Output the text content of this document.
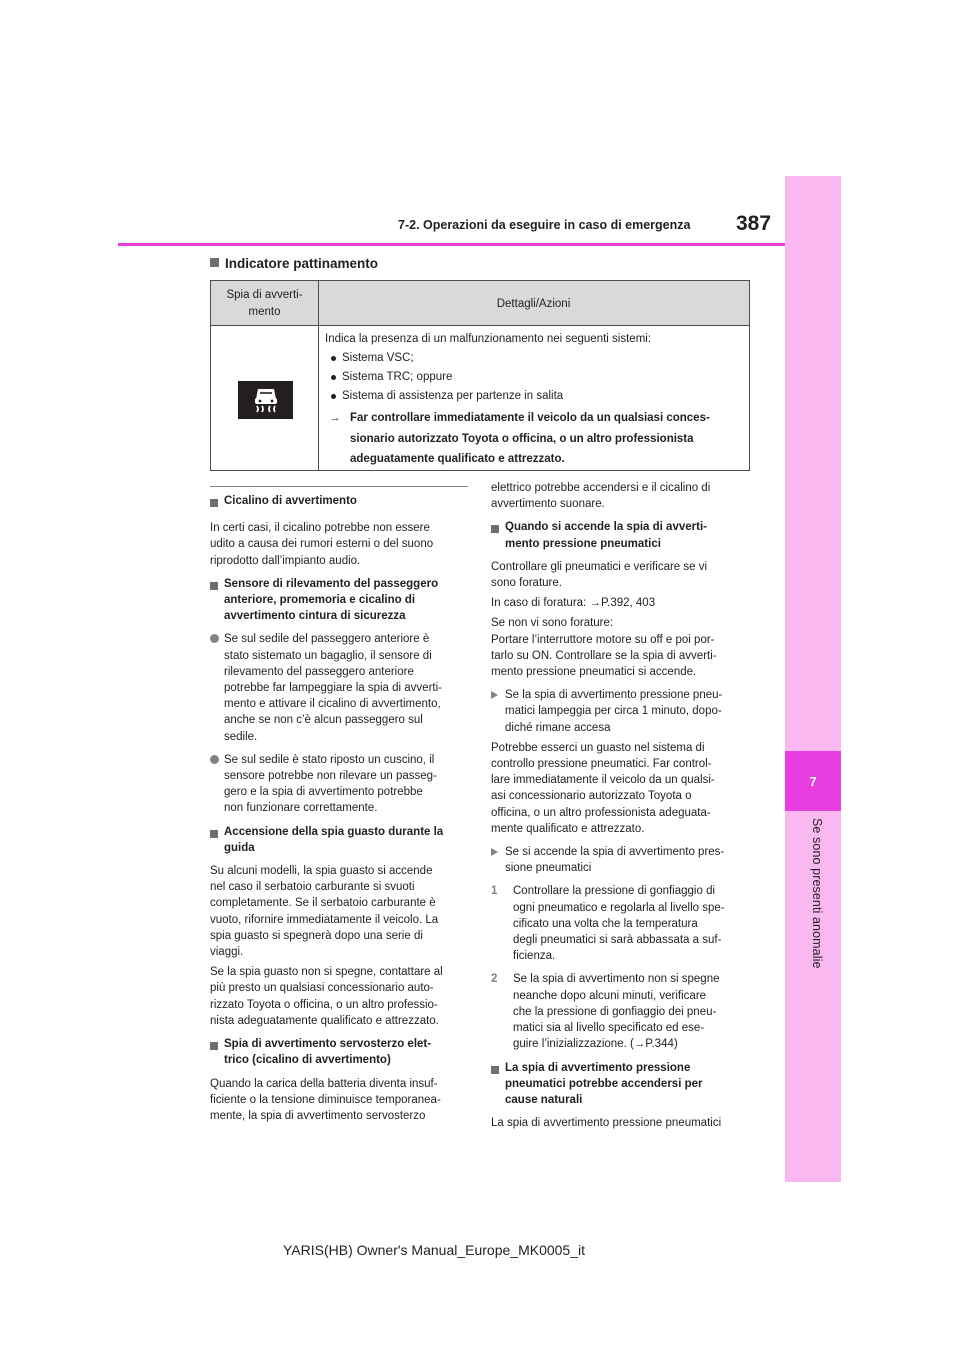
7
Se sono presenti anomalie
7-2. Operazioni da eseguire in caso di emergenza 387
Indicatore pattinamento
Spia di avverti-
mento
Dettagli/Azioni
Indica la presenza di un malfunzionamento nei seguenti sistemi:
Sistema VSC;
Sistema TRC; oppure
Sistema di assistenza per partenze in salita
→ Far controllare immediatamente il veicolo da un qualsiasi conces-
sionario autorizzato Toyota o officina, o un altro professionista
adeguatamente qualificato e attrezzato.

Cicalino di avvertimento

In certi casi, il cicalino potrebbe non essere
udito a causa dei rumori esterni o del suono
riprodotto dall’impianto audio.

Sensore di rilevamento del passeggero
anteriore, promemoria e cicalino di
avvertimento cintura di sicurezza

Se sul sedile del passeggero anteriore è
stato sistemato un bagaglio, il sensore di
rilevamento del passeggero anteriore
potrebbe far lampeggiare la spia di avverti-
mento e attivare il cicalino di avvertimento,
anche se non c’è alcun passeggero sul
sedile.

Se sul sedile è stato riposto un cuscino, il
sensore potrebbe non rilevare un passeg-
gero e la spia di avvertimento potrebbe
non funzionare correttamente.

Accensione della spia guasto durante la
guida

Su alcuni modelli, la spia guasto si accende
nel caso il serbatoio carburante si svuoti
completamente. Se il serbatoio carburante è
vuoto, rifornire immediatamente il veicolo. La
spia guasto si spegnerà dopo una serie di
viaggi.

Se la spia guasto non si spegne, contattare al
più presto un qualsiasi concessionario auto-
rizzato Toyota o officina, o un altro professio-
nista adeguatamente qualificato e attrezzato.

Spia di avvertimento servosterzo elet-
trico (cicalino di avvertimento)

Quando la carica della batteria diventa insuf-
ficiente o la tensione diminuisce temporanea-
mente, la spia di avvertimento servosterzo

elettrico potrebbe accendersi e il cicalino di
avvertimento suonare.

Quando si accende la spia di avverti-
mento pressione pneumatici

Controllare gli pneumatici e verificare se vi
sono forature.

In caso di foratura: →P.392, 403

Se non vi sono forature:
Portare l’interruttore motore su off e poi por-
tarlo su ON. Controllare se la spia di avverti-
mento pressione pneumatici si accende.

Se la spia di avvertimento pressione pneu-
matici lampeggia per circa 1 minuto, dopo-
diché rimane accesa

Potrebbe esserci un guasto nel sistema di
controllo pressione pneumatici. Far control-
lare immediatamente il veicolo da un qualsi-
asi concessionario autorizzato Toyota o
officina, o un altro professionista adeguata-
mente qualificato e attrezzato.

Se si accende la spia di avvertimento pres-
sione pneumatici

1	Controllare la pressione di gonfiaggio di
ogni pneumatico e regolarla al livello spe-
cificato una volta che la temperatura
degli pneumatici si sarà abbassata a suf-
ficienza.

2	Se la spia di avvertimento non si spegne
neanche dopo alcuni minuti, verificare
che la pressione di gonfiaggio dei pneu-
matici sia al livello specificato ed ese-
guire l’inizializzazione. (→P.344)

La spia di avvertimento pressione
pneumatici potrebbe accendersi per
cause naturali

La spia di avvertimento pressione pneumatici

YARIS(HB) Owner's Manual_Europe_MK0005_it
